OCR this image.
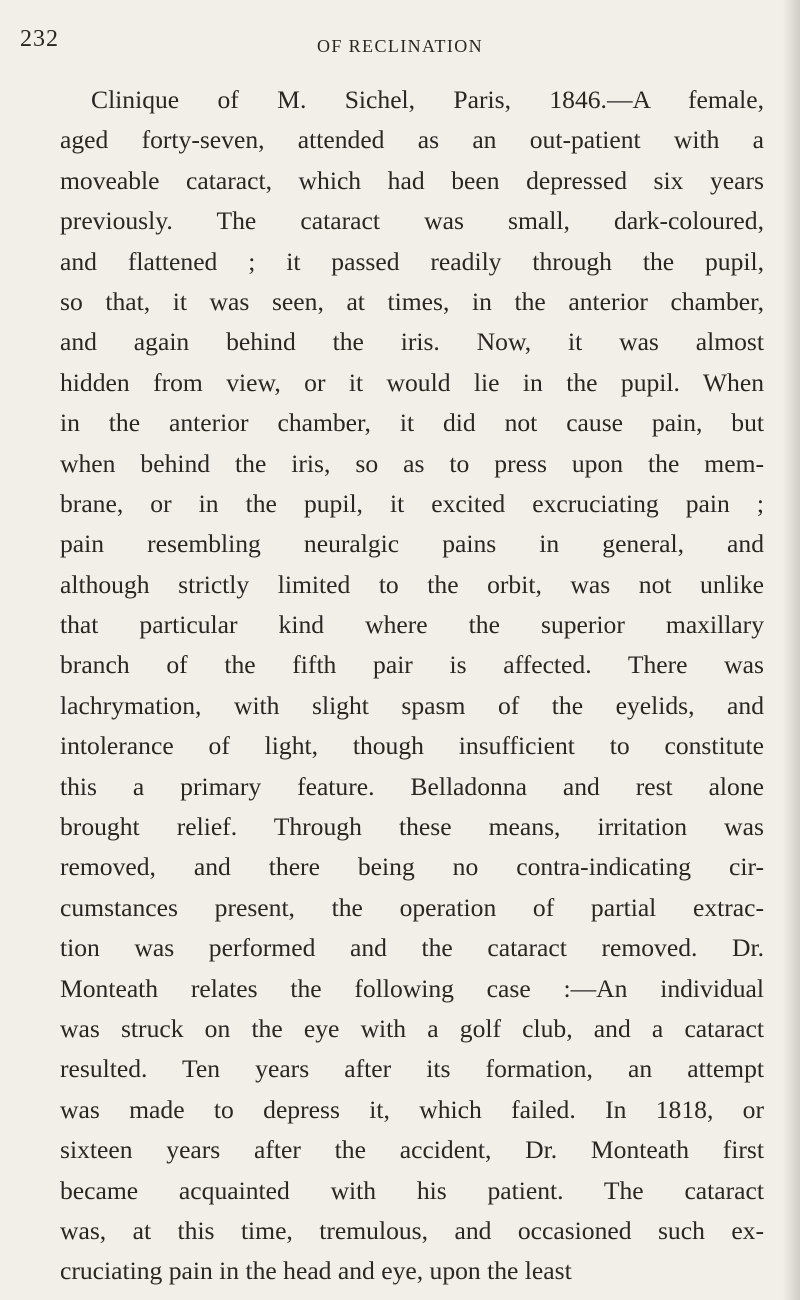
232	OF RECLINATION
Clinique of M. Sichel, Paris, 1846.—A female,
aged forty-seven, attended as an out-patient with a
moveable cataract, which had been depressed six years
previously. The cataract was small, dark-coloured,
and flattened ; it passed readily through the pupil,
so that, it was seen, at times, in the anterior chamber,
and again behind the iris. Now, it was almost
hidden from view, or it would lie in the pupil. When
in the anterior chamber, it did not cause pain, but
when behind the iris, so as to press upon the mem-
brane, or in the pupil, it excited excruciating pain ;
pain resembling neuralgic pains in general, and
although strictly limited to the orbit, was not unlike
that particular kind where the superior maxillary
branch of the fifth pair is affected. There was
lachrymation, with slight spasm of the eyelids, and
intolerance of light, though insufficient to constitute
this a primary feature. Belladonna and rest alone
brought relief. Through these means, irritation was
removed, and there being no contra-indicating cir-
cumstances present, the operation of partial extrac-
tion was performed and the cataract removed. Dr.
Monteath relates the following case :—An individual
was struck on the eye with a golf club, and a cataract
resulted. Ten years after its formation, an attempt
was made to depress it, which failed. In 1818, or
sixteen years after the accident, Dr. Monteath first
became acquainted with his patient. The cataract
was, at this time, tremulous, and occasioned such ex-
cruciating pain in the head and eye, upon the least
